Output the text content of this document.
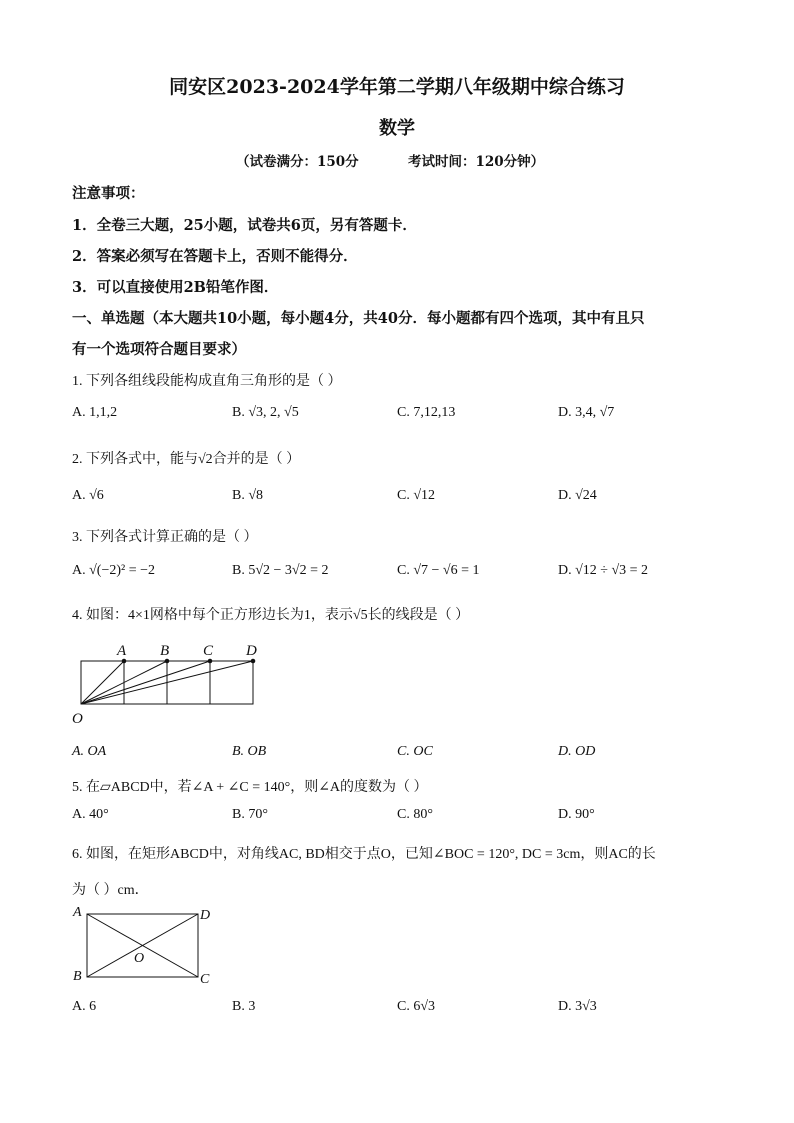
同安区2023-2024学年第二学期八年级期中综合练习
数学
（试卷满分：150分	考试时间：120分钟）
注意事项：
1．全卷三大题，25小题，试卷共6页，另有答题卡．
2．答案必须写在答题卡上，否则不能得分．
3．可以直接使用2B铅笔作图．
一、单选题（本大题共10小题，每小题4分，共40分．每小题都有四个选项，其中有且只
有一个选项符合题目要求）
1. 下列各组线段能构成直角三角形的是（ ）
A. 1,1,2	B. √3, 2, √5	C. 7,12,13	D. 3,4, √7
2. 下列各式中，能与√2合并的是（ ）
A. √6	B. √8	C. √12	D. √24
3. 下列各式计算正确的是（ ）
A. √(−2)² = −2	B. 5√2 − 3√2 = 2	C. √7 − √6 = 1	D. √12 ÷ √3 = 2
4. 如图：4×1网格中每个正方形边长为1，表示√5长的线段是（ ）
A B C D
O
A. OA	B. OB	C. OC	D. OD
5. 在▱ABCD中，若∠A + ∠C = 140°，则∠A的度数为（ ）
A. 40°	B. 70°	C. 80°	D. 90°
6. 如图，在矩形ABCD中，对角线AC, BD相交于点O，已知∠BOC = 120°, DC = 3cm，则AC的长
为（ ）cm．
A	D
B	C
O
A. 6	B. 3	C. 6√3	D. 3√3
